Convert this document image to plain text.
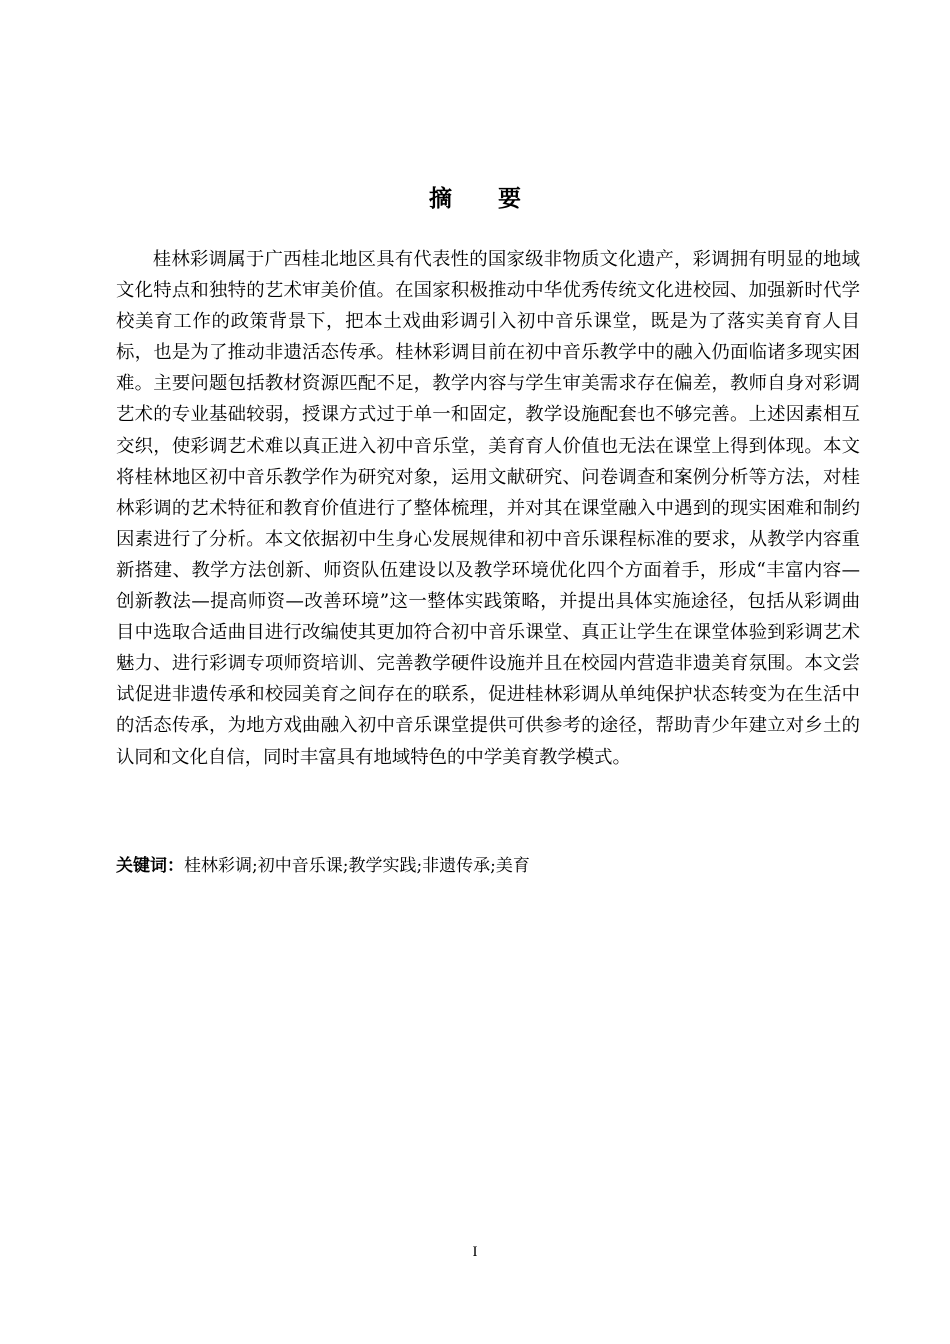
摘 要

桂林彩调属于广西桂北地区具有代表性的国家级非物质文化遗产，彩调拥有明显的地域文化特点和独特的艺术审美价值。在国家积极推动中华优秀传统文化进校园、加强新时代学校美育工作的政策背景下，把本土戏曲彩调引入初中音乐课堂，既是为了落实美育育人目标，也是为了推动非遗活态传承。桂林彩调目前在初中音乐教学中的融入仍面临诸多现实困难。主要问题包括教材资源匹配不足，教学内容与学生审美需求存在偏差，教师自身对彩调艺术的专业基础较弱，授课方式过于单一和固定，教学设施配套也不够完善。上述因素相互交织，使彩调艺术难以真正进入初中音乐堂，美育育人价值也无法在课堂上得到体现。本文将桂林地区初中音乐教学作为研究对象，运用文献研究、问卷调查和案例分析等方法，对桂林彩调的艺术特征和教育价值进行了整体梳理，并对其在课堂融入中遇到的现实困难和制约因素进行了分析。本文依据初中生身心发展规律和初中音乐课程标准的要求，从教学内容重新搭建、教学方法创新、师资队伍建设以及教学环境优化四个方面着手，形成“丰富内容—创新教法—提高师资—改善环境”这一整体实践策略，并提出具体实施途径，包括从彩调曲目中选取合适曲目进行改编使其更加符合初中音乐课堂、真正让学生在课堂体验到彩调艺术魅力、进行彩调专项师资培训、完善教学硬件设施并且在校园内营造非遗美育氛围。本文尝试促进非遗传承和校园美育之间存在的联系，促进桂林彩调从单纯保护状态转变为在生活中的活态传承，为地方戏曲融入初中音乐课堂提供可供参考的途径，帮助青少年建立对乡土的认同和文化自信，同时丰富具有地域特色的中学美育教学模式。

关键词：桂林彩调;初中音乐课;教学实践;非遗传承;美育
I
